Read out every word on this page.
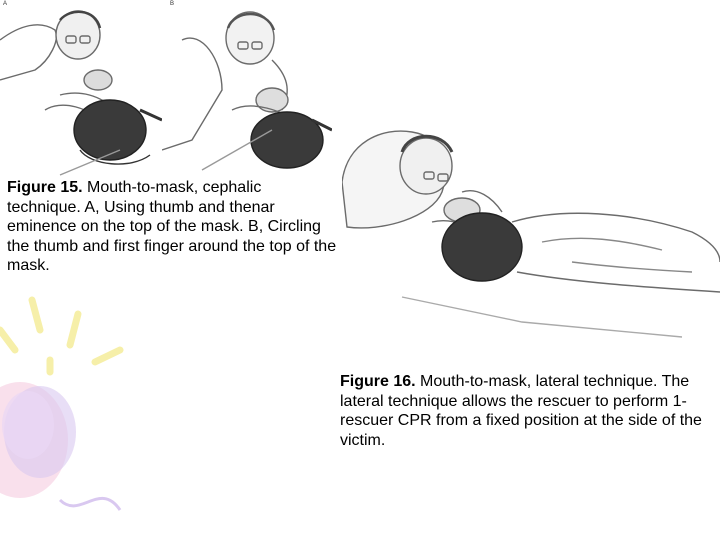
A	B
Figure 15. Mouth-to-mask, cephalic technique. A, Using thumb and thenar eminence on the top of the mask. B, Circling the thumb and first finger around the top of the mask.
Figure 16. Mouth-to-mask, lateral technique. The lateral technique allows the rescuer to perform 1-rescuer CPR from a fixed position at the side of the victim.
